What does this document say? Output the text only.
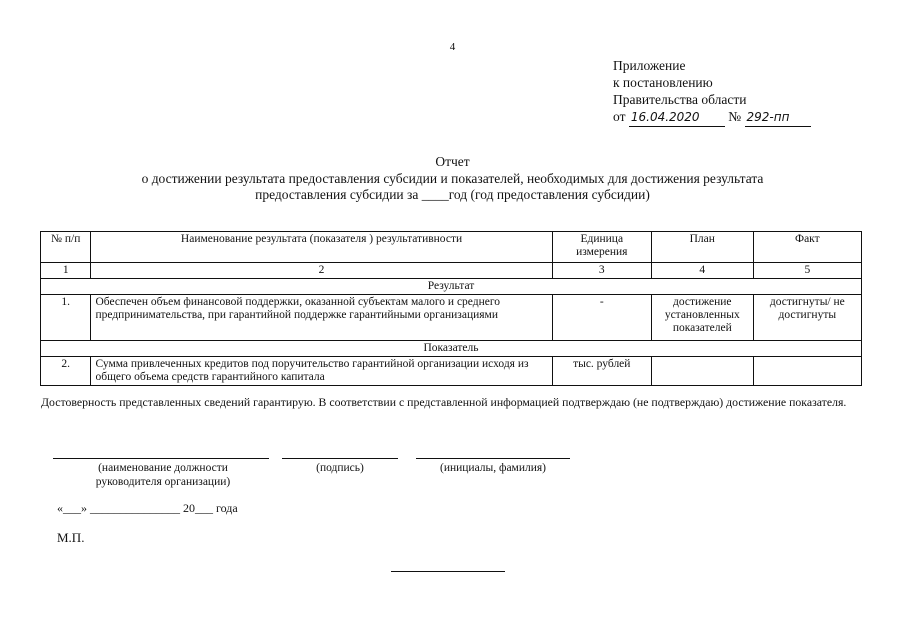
4
Приложение
к постановлению
Правительства области
от 16.04.2020 № 292-пп
Отчет
о достижении результата предоставления субсидии и показателей, необходимых для достижения результата
предоставления субсидии за ____год (год предоставления субсидии)
№ п/п	Наименование результата (показателя ) результативности	Единица измерения	План	Факт
1	2	3	4	5
Результат				
1.	Обеспечен объем финансовой поддержки, оказанной субъектам малого и среднего предпринимательства, при гарантийной поддержке гарантийными организациями	-	достижение установленных показателей	достигнуты/ не достигнуты
Показатель				
2.	Сумма привлеченных кредитов под поручительство гарантийной организации исходя из общего объема средств гарантийного капитала	тыс. рублей		
Достоверность представленных сведений гарантирую. В соответствии с представленной информацией подтверждаю (не подтверждаю) достижение показателя.
(наименование должности руководителя организации)
(подпись)	(инициалы, фамилия)
«___» _______________ 20___ года
М.П.
